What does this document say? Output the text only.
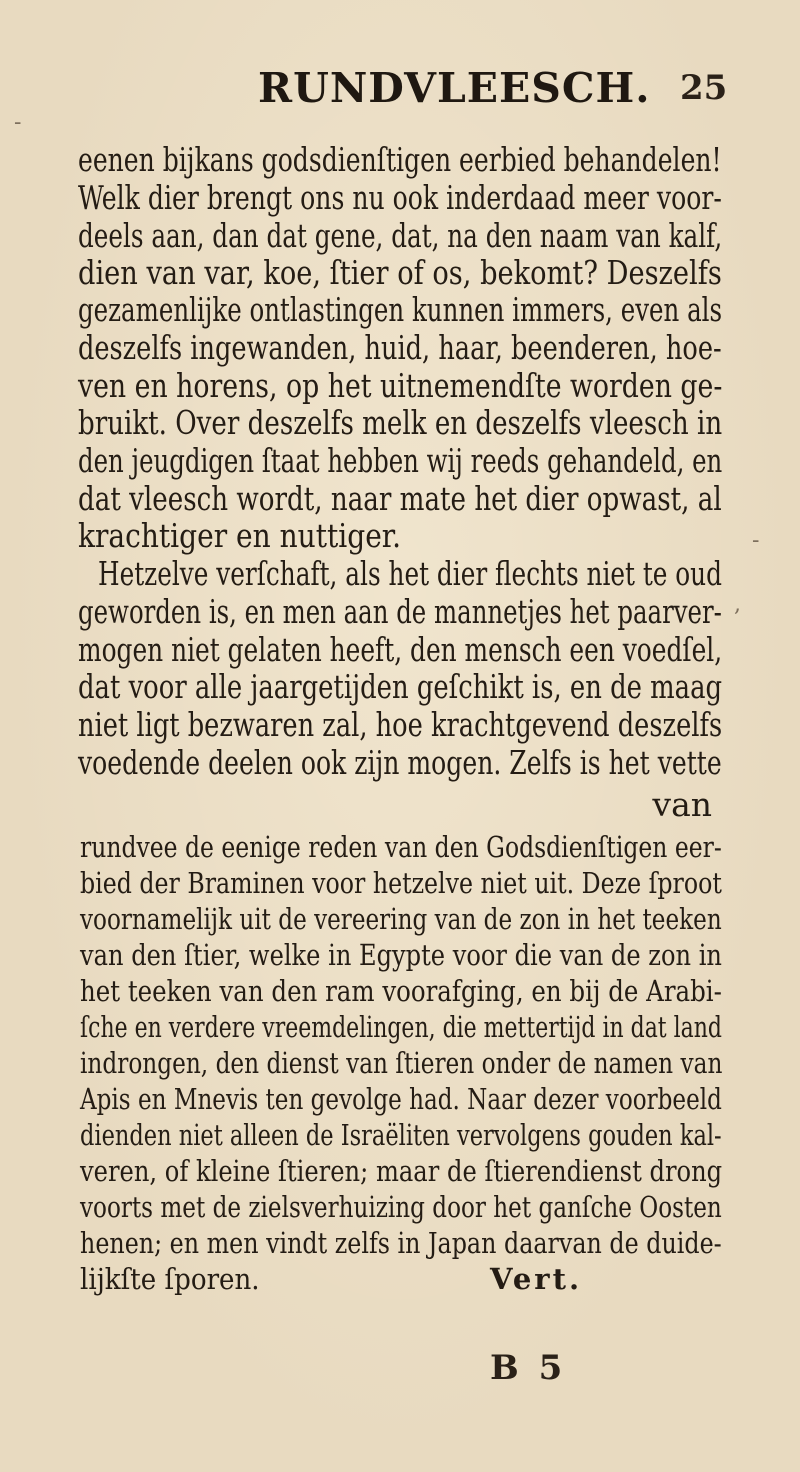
RUNDVLEESCH. 25
eenen bijkans godsdienſtigen eerbied behandelen!
Welk dier brengt ons nu ook inderdaad meer voor-
deels aan, dan dat gene, dat, na den naam van kalf,
dien van var, koe, ſtier of os, bekomt? Deszelfs
gezamenlijke ontlastingen kunnen immers, even als
deszelfs ingewanden, huid, haar, beenderen, hoe-
ven en horens, op het uitnemendſte worden ge-
bruikt. Over deszelfs melk en deszelfs vleesch in
den jeugdigen ſtaat hebben wij reeds gehandeld, en
dat vleesch wordt, naar mate het dier opwast, al
krachtiger en nuttiger.
Hetzelve verſchaft, als het dier flechts niet te oud
geworden is, en men aan de mannetjes het paarver-
mogen niet gelaten heeft, den mensch een voedſel,
dat voor alle jaargetijden geſchikt is, en de maag
niet ligt bezwaren zal, hoe krachtgevend deszelfs
voedende deelen ook zijn mogen. Zelfs is het vette
van
rundvee de eenige reden van den Godsdienſtigen eer-
bied der Braminen voor hetzelve niet uit. Deze ſproot
voornamelijk uit de vereering van de zon in het teeken
van den ſtier, welke in Egypte voor die van de zon in
het teeken van den ram voorafging, en bij de Arabi-
ſche en verdere vreemdelingen, die mettertijd in dat land
indrongen, den dienst van ſtieren onder de namen van
Apis en Mnevis ten gevolge had. Naar dezer voorbeeld
dienden niet alleen de Israëliten vervolgens gouden kal-
veren, of kleine ſtieren; maar de ſtierendienst drong
voorts met de zielsverhuizing door het ganſche Oosten
henen; en men vindt zelfs in Japan daarvan de duide-
lijkſte ſporen.	Vert.
B 5
-
,
-
